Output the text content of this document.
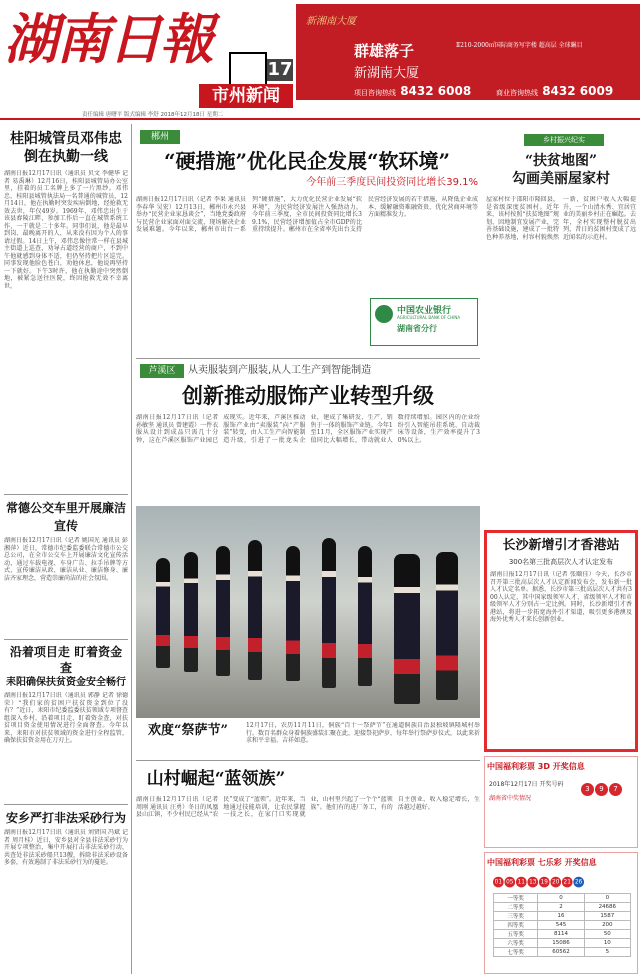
湖南日報	17
市州新闻
新湘南大厦
群雄落子
新湖南大厦
Ⅱ210-2000㎡国际商务写字楼 超高层 全球瞩目
项目咨询热线 8432 6008	商业咨询热线 8432 6009
责任编辑 唐曙平 版式编辑 李舒 2018年12月18日 星期二
桂阳城管员邓伟忠
倒在执勤一线
湖南日报12月17日讯（通讯员 贝文 李健华 记者 易禹琳）12月16日，桂阳县城管局办公室里，挂着的员工名牌上多了一片黑纱。邓伟忠，桂阳县城管执法局一名普通的城管员，12月14日，他在执勤时突发疾病倒地，经抢救无效去世，年仅49岁。1969年，邓伟忠出生于该县舂陵江畔，参加工作后一直在城管系统工作，一干就是二十多年。同事们说，他是最早到岗、最晚离开的人，从来没有因为个人的事请过假。14日上午，邓伟忠像往常一样在县城主街道上巡查，劝导占道经营的商户，不到中午他就感到身体不适，但仍坚持把片区巡完。同事发现他脸色苍白，劝他休息，他说再坚持一下就好。下午3时许，他在执勤途中突然倒地，被紧急送往医院，终因抢救无效不幸离世。
常德公交车里开展廉洁宣传
湖南日报12月17日讯（记者 姚国光 通讯员 彭湘萍）近日，常德市纪委监委联合常德市公交总公司，在全市公交车上开展廉洁文化宣传活动，通过车载电视、车身广告、拉手吊牌等方式，宣传廉洁从政、廉洁从业、廉洁修身、廉洁齐家理念，营造崇廉尚洁的社会氛围。
沿着项目走 盯着资金查
耒阳确保扶贫资金安全畅行
湖南日报12月17日讯（通讯员 郭静 记者 徐德荣）“我们家的贫困户扶贫资金到位了没有？”近日，耒阳市纪委监委扶贫领域专项督查组深入乡村，沿着项目走、盯着资金查，对扶贫项目资金使用情况进行全面督查。今年以来，耒阳市对扶贫领域的资金进行全程监管，确保扶贫资金用在刀刃上。
安乡严打非法采砂行为
湖南日报12月17日讯（通讯员 刘贤国 冯斌 记者 周月桂）近日，安乡县对全县非法采砂行为开展专项整治，集中开展打击非法采砂行动，共查处非法采砂船只13艘，拆除非法采砂设备多套，有效遏制了非法采砂行为的蔓延。
郴州
“硬措施”优化民企发展“软环境”
今年前三季度民间投资同比增长39.1%
湖南日报12月17日讯（记者 李果 通讯员 李春华 吴宏）12月13日，郴州市永兴县举办“民营企业家恳谈会”，当地党委政府与民营企业家面对面交流，现场解决企业发展难题。今年以来，郴州市出台一系列“硬措施”，大力优化民营企业发展“软环境”，为民营经济发展注入强劲动力。今年前三季度，全市民间投资同比增长39.1%，民营经济增加值占全市GDP的比重持续提升。郴州市在全省率先出台支持民营经济发展的若干措施，从降低企业成本、缓解融资难融资贵、优化营商环境等方面精准发力。
中国农业银行
AGRICULTURAL BANK OF CHINA
湖南省分行
乡村振兴纪实
“扶贫地图”
勾画美丽屋家村
屋家村位于邵阳市隆回县，是省级深度贫困村。近年来，该村按照“扶贫地图”规划，因地制宜发展产业，完善基础设施，建成了一批特色种养基地，村容村貌焕然一新，贫困户收入大幅提升，一个山清水秀、宜居宜业的美丽乡村正在崛起。去年，全村实现整村脱贫出列，昔日的贫困村变成了远近闻名的示范村。
芦溪区	从卖服装到产服装,从人工生产到智能制造
创新推动服饰产业转型升级
湖南日报12月17日讯（记者 孙敏坚 通讯员 曾建霞）一件衣服从设计到成品只需几十分钟，这在芦溪区服饰产业园已成现实。近年来，芦溪区推动服饰产业由“卖服装”向“产服装”转变，由人工生产向智能制造升级，引进了一批龙头企业，建成了集研发、生产、销售于一体的服饰产业链。今年1至11月，全区服饰产业实现产值同比大幅增长，带动就业人数持续增加。园区内的企业纷纷引入智能吊挂系统、自动裁床等设备，生产效率提升了30%以上。
欢度“祭萨节”	12月17日，农历11月11日，侗族“百十一祭萨节”在通道侗族自治县独坡镇隆城村举行。数百名群众身着侗族盛装汇聚在此，迎接祭祀萨岁，每年举行祭萨岁仪式，以此来祈求和平幸福、吉祥如意。
山村崛起“蓝领族”
湖南日报12月17日讯（记者 周刚 通讯员 汪勇）冬日的凤凰县山江镇，不少村民已经从“农民”变成了“蓝领”。近年来，当地通过技能培训，让农民掌握一技之长，在家门口实现就业，山村里兴起了一个个“蓝领族”。他们有的进厂务工，有的自主创业，收入稳定增长，生活越过越好。
长沙新增引才香港站
300名第三批高层次人才认定发布
湖南日报12月17日讯（记者 张颐佳）今天，长沙市召开第三批高层次人才认定新闻发布会，发布新一批人才认定名单。据悉，长沙市第三批高层次人才共有300人认定，其中国家级领军人才、省级领军人才和市级领军人才分别占一定比例。同时，长沙新增引才香港站，将进一步拓宽海外引才渠道，吸引更多港澳及海外优秀人才来长创新创业。
中国福利彩票 3D 开奖信息
2018年12月17日 开奖号码
3 9 7
湖南省中奖情况
中国福利彩票 七乐彩 开奖信息
01 05 11 13 19 20 21 26
一等奖	0	0
二等奖	2	24686
三等奖	16	1587
四等奖	545	200
五等奖	8114	50
六等奖	15086	10
七等奖	60562	5
